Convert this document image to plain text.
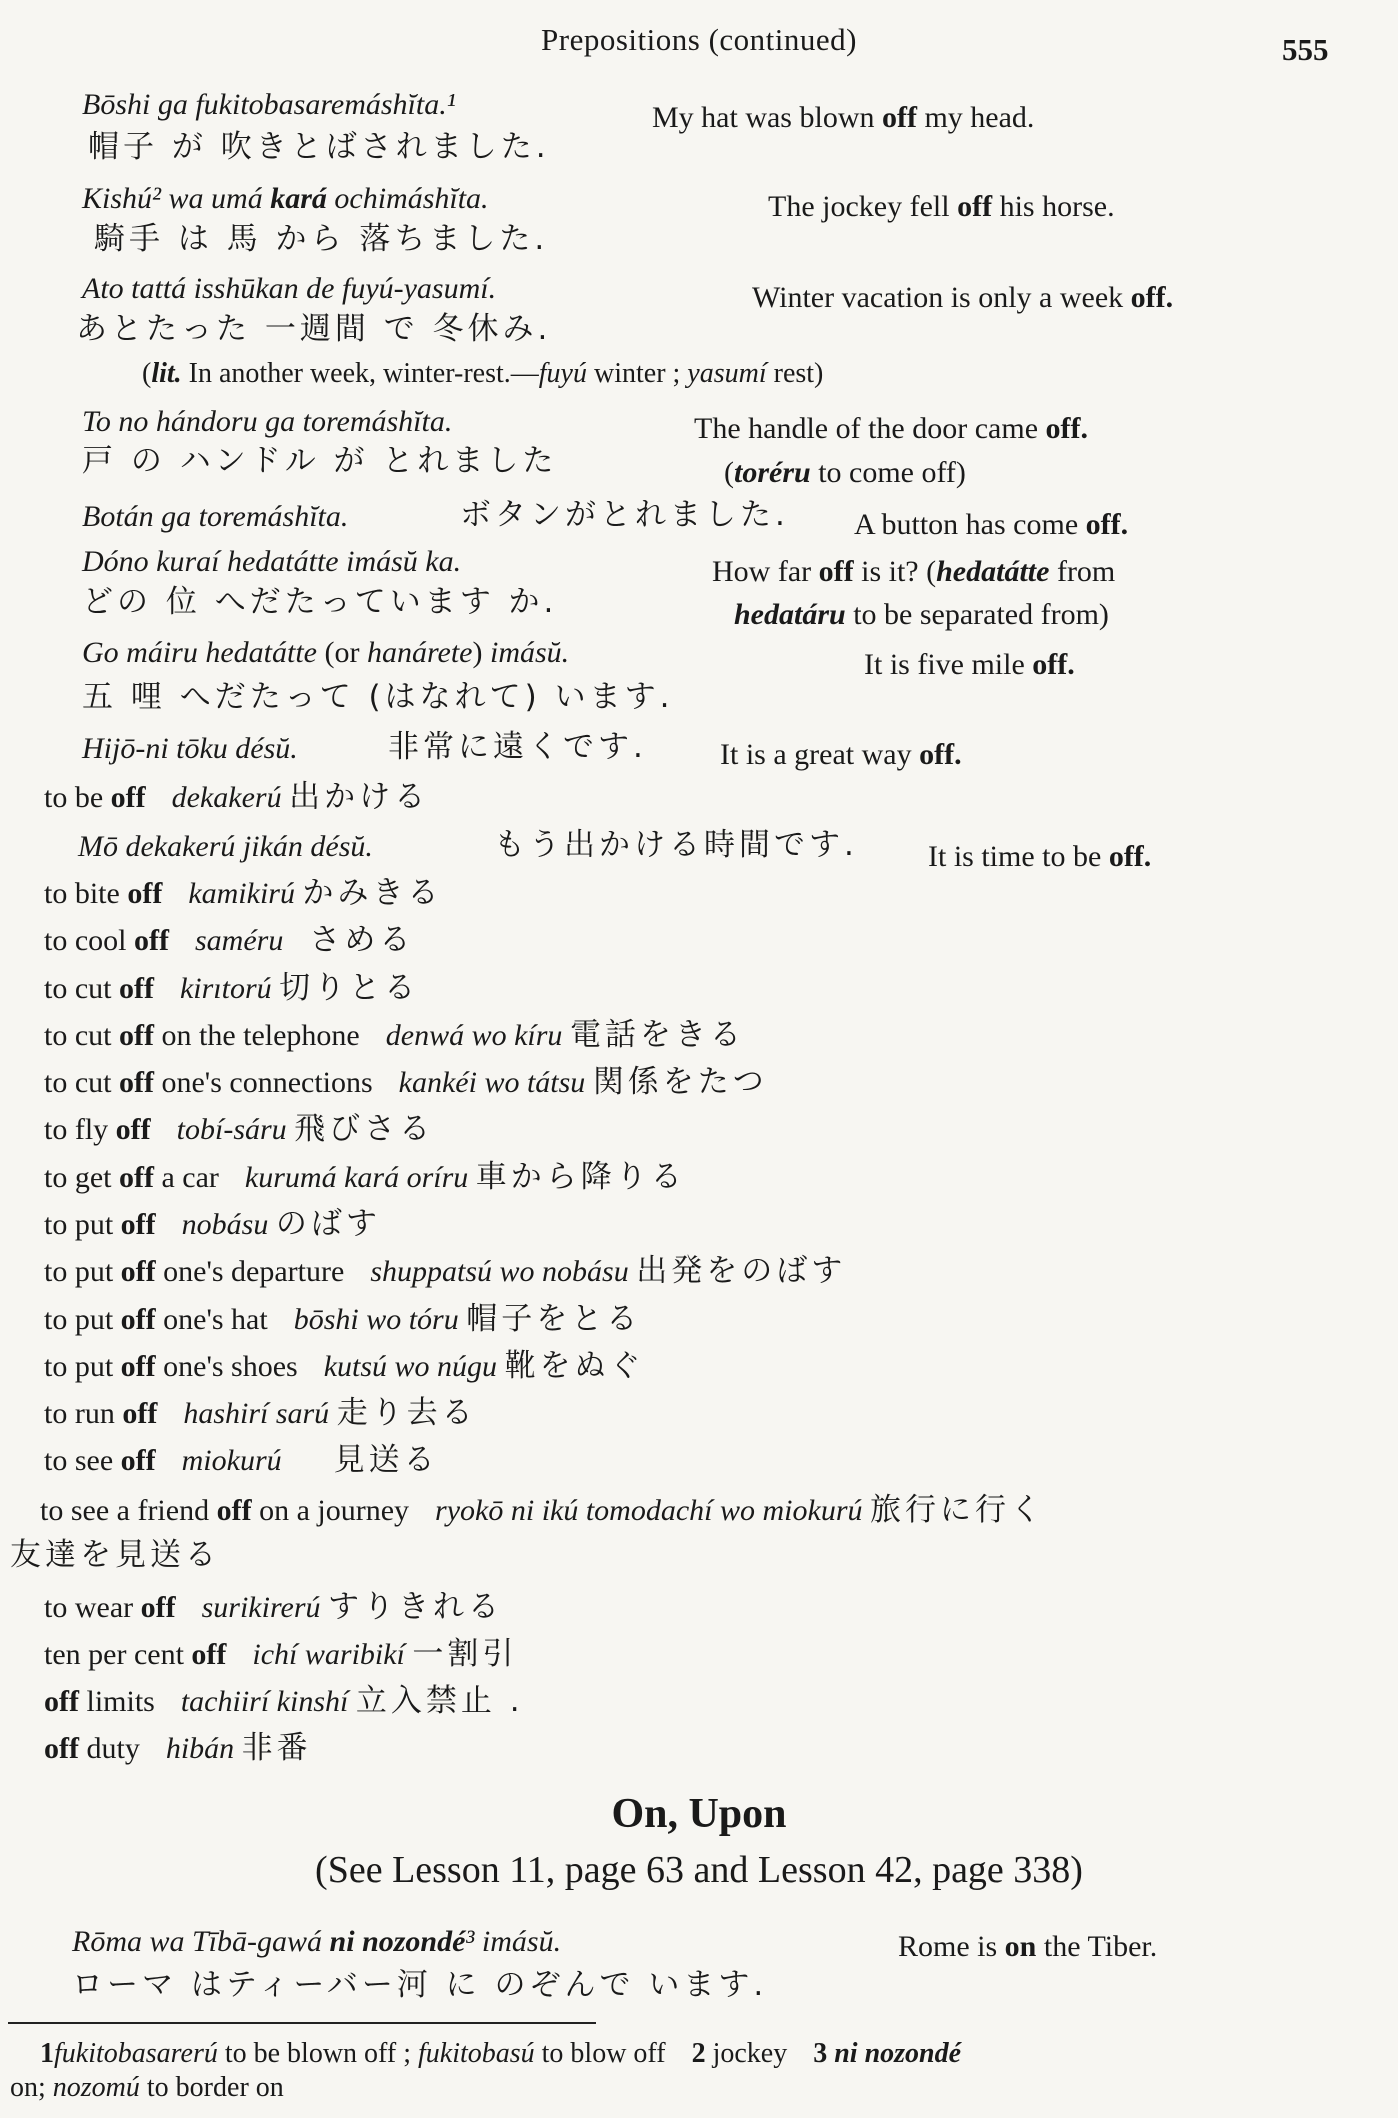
Prepositions (continued)	555
Bōshi ga fukitobasaremáshĭta.¹	My hat was blown off my head.
帽子 が 吹きとばされました.
Kishú² wa umá kará ochimáshĭta.	The jockey fell off his horse.
騎手 は 馬 から 落ちました.
Ato tattá isshūkan de fuyú-yasumí.	Winter vacation is only a week off.
あとたった 一週間 で 冬休み.
(lit. In another week, winter-rest.—fuyú winter ; yasumí rest)
To no hándoru ga toremáshĭta.	The handle of the door came off.
戸 の ハンドル が とれました	(toréru to come off)
Botán ga toremáshĭta.	ボタンがとれました. A button has come off.
Dóno kuraí hedatátte imásŭ ka.	How far off is it? (hedatátte from
どの 位 へだたっています か.	hedatáru to be separated from)
Go máiru hedatátte (or hanárete) imásŭ.	It is five mile off.
五 哩 へだたって (はなれて) います.
Hijō-ni tōku désŭ.	非常に遠くです. It is a great way off.
to be off dekakerú 出かける
Mō dekakerú jikán désŭ.	もう出かける時間です. It is time to be off.
to bite off kamikirú かみきる
to cool off saméru さめる
to cut off kirıtorú 切りとる
to cut off on the telephone denwá wo kíru 電話をきる
to cut off one's connections kankéi wo tátsu 関係をたつ
to fly off tobí-sáru 飛びさる
to get off a car kurumá kará oríru 車から降りる
to put off nobásu のばす
to put off one's departure shuppatsú wo nobásu 出発をのばす
to put off one's hat bōshi wo tóru 帽子をとる
to put off one's shoes kutsú wo núgu 靴をぬぐ
to run off hashirí sarú 走り去る
to see off miokurú 見送る
to see a friend off on a journey ryokō ni ikú tomodachí wo miokurú 旅行に行く
友達を見送る
to wear off surikirerú すりきれる
ten per cent off ichí waribikí 一割引
off limits tachiirí kinshí 立入禁止 .
off duty hibán 非番
On, Upon
(See Lesson 11, page 63 and Lesson 42, page 338)
Rōma wa Tībā-gawá ni nozondé³ imásŭ.	Rome is on the Tiber.
ローマ はティーバー河 に のぞんで います.
1fukitobasarerú to be blown off ; fukitobasú to blow off 2 jockey 3 ni nozondé
on; nozomú to border on
